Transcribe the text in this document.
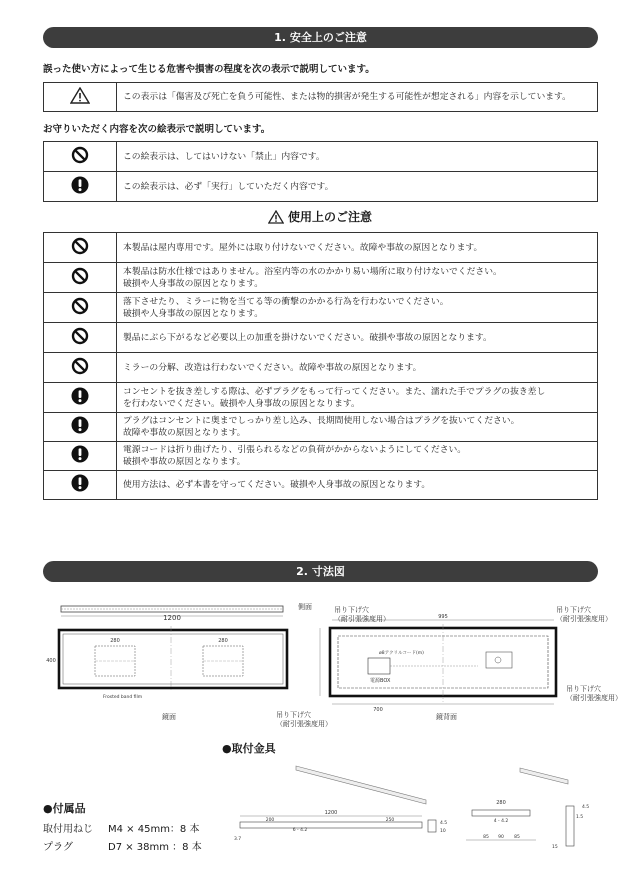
1. 安全上のご注意
誤った使い方によって生じる危害や損害の程度を次の表示で説明しています。
	この表示は「傷害及び死亡を負う可能性、または物的損害が発生する可能性が想定される」内容を示しています。
お守りいただく内容を次の絵表示で説明しています。
	この絵表示は、してはいけない「禁止」内容です。
	この絵表示は、必ず「実行」していただく内容です。
使用上のご注意

本製品は屋内専用です。屋外には取り付けないでください。故障や事故の原因となります。

本製品は防水仕様ではありません。浴室内等の水のかかり易い場所に取り付けないでください。
破損や人身事故の原因となります。

落下させたり、ミラーに物を当てる等の衝撃のかかる行為を行わないでください。
破損や人身事故の原因となります。

製品にぶら下がるなど必要以上の加重を掛けないでください。破損や事故の原因となります。

ミラーの分解、改造は行わないでください。故障や事故の原因となります。

コンセントを抜き差しする際は、必ずプラグをもって行ってください。また、濡れた手でプラグの抜き差し
を行わないでください。破損や人身事故の原因となります。

プラグはコンセントに奥までしっかり差し込み、長期間使用しない場合はプラグを抜いてください。
故障や事故の原因となります。

電源コードは折り曲げたり、引張られるなどの負荷がかからないようにしてください。
破損や事故の原因となります。

使用方法は、必ず本書を守ってください。破損や人身事故の原因となります。
2. 寸法図
1200
280	280
400
Frosted band film
側面
鏡面	吊り下げ穴
（耐引張強度用）
995
700
ø8アクリルコード(m)
電源BOX
吊り下げ穴
（耐引張強度用）
吊り下げ穴
（耐引張強度用）
吊り下げ穴
（耐引張強度用）
鏡背面
●取付金具
1200
200
6 - 4.2
250
3.7
4.5
10
280
4 - 4.2
85 90 85
4.5
1.5
15
●付属品
取付用ねじ M4 × 45mm：8 本
プラグ	D7 × 38mm ：8 本
